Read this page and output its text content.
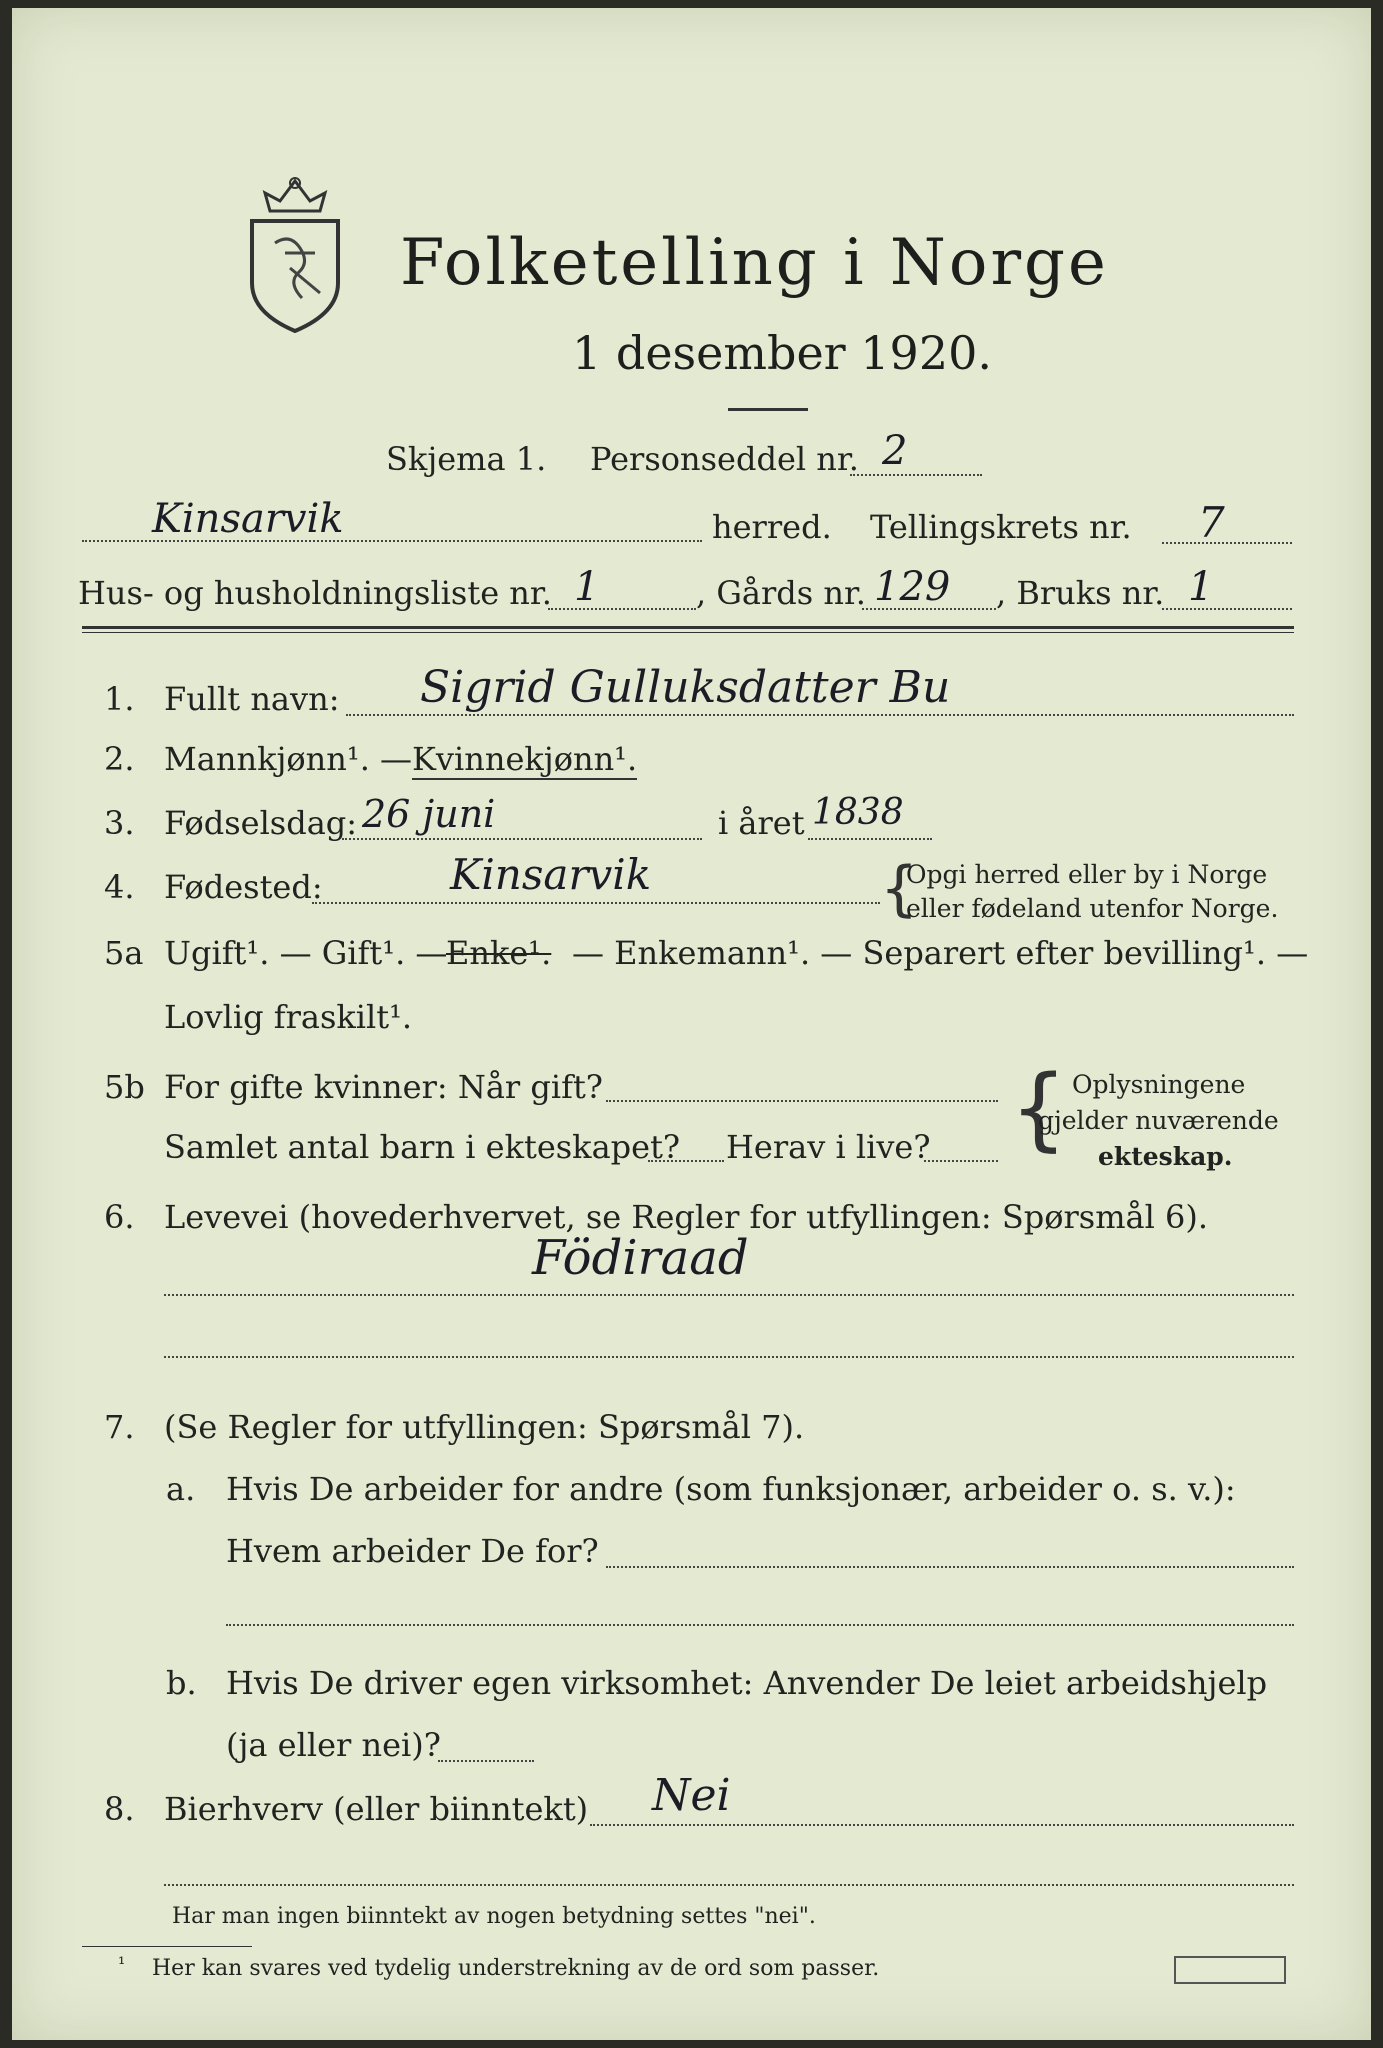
Folketelling i Norge
1 desember 1920.
Skjema 1. Personseddel nr. 2
Kinsarvik	herred. Tellingskrets nr. 7
Hus- og husholdningsliste nr. 1	, Gårds nr. 129 , Bruks nr. 1
1. Fullt navn: Sigrid Gulluksdatter Bu
2. Mannkjønn¹. — Kvinnekjønn¹.
3. Fødselsdag: 26 juni	i året 1838
4. Fødested:	Kinsarvik	{
Opgi herred eller by i Norge
eller fødeland utenfor Norge.
5a Ugift¹. — Gift¹. —
Enke¹. — Enkemann¹. — Separert efter bevilling¹. —
Lovlig fraskilt¹.
5b For gifte kvinner: Når gift?
Samlet antal barn i ekteskapet? Herav i live? { Oplysningene
gjelder nuværende
ekteskap.
6. Levevei (hovederhvervet, se Regler for utfyllingen: Spørsmål 6).
Födiraad
7. (Se Regler for utfyllingen: Spørsmål 7).
a. Hvis De arbeider for andre (som funksjonær, arbeider o. s. v.):
Hvem arbeider De for?
b. Hvis De driver egen virksomhet: Anvender De leiet arbeidshjelp
(ja eller nei)?
8. Bierhverv (eller biinntekt) Nei
Har man ingen biinntekt av nogen betydning settes "nei".
¹ Her kan svares ved tydelig understrekning av de ord som passer.
